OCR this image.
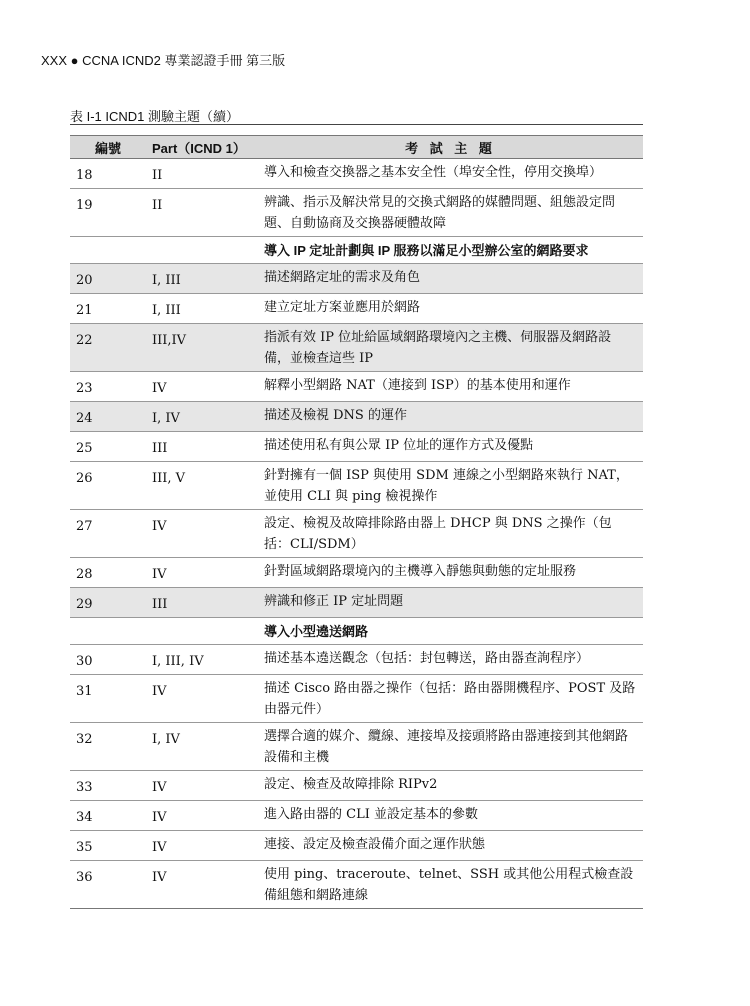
XXX ● CCNA ICND2 專業認證手冊 第三版
表 I-1 ICND1 測驗主題（續）
編號	Part（ICND 1）	考 試 主 題
18	II	導入和檢查交換器之基本安全性（埠安全性，停用交換埠）
19	II	辨識、指示及解決常見的交換式網路的媒體問題、組態設定問題、自動協商及交換器硬體故障
		導入 IP 定址計劃與 IP 服務以滿足小型辦公室的網路要求
20	I, III	描述網路定址的需求及角色
21	I, III	建立定址方案並應用於網路
22	III,IV	指派有效 IP 位址給區域網路環境內之主機、伺服器及網路設備，並檢查這些 IP
23	IV	解釋小型網路 NAT（連接到 ISP）的基本使用和運作
24	I, IV	描述及檢視 DNS 的運作
25	III	描述使用私有與公眾 IP 位址的運作方式及優點
26	III, V	針對擁有一個 ISP 與使用 SDM 連線之小型網路來執行 NAT，並使用 CLI 與 ping 檢視操作
27	IV	設定、檢視及故障排除路由器上 DHCP 與 DNS 之操作（包括：CLI/SDM）
28	IV	針對區域網路環境內的主機導入靜態與動態的定址服務
29	III	辨識和修正 IP 定址問題
		導入小型遶送網路
30	I, III, IV	描述基本遶送觀念（包括：封包轉送，路由器查詢程序）
31	IV	描述 Cisco 路由器之操作（包括：路由器開機程序、POST 及路由器元件）
32	I, IV	選擇合適的媒介、纜線、連接埠及接頭將路由器連接到其他網路設備和主機
33	IV	設定、檢查及故障排除 RIPv2
34	IV	進入路由器的 CLI 並設定基本的參數
35	IV	連接、設定及檢查設備介面之運作狀態
36	IV	使用 ping、traceroute、telnet、SSH 或其他公用程式檢查設備組態和網路連線
